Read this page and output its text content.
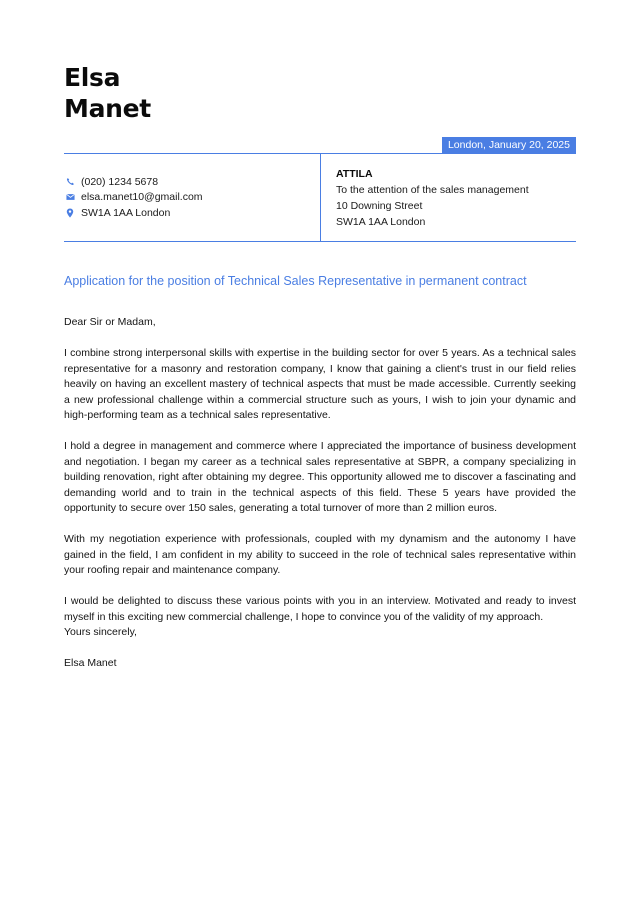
Elsa
Manet
London, January 20, 2025
(020) 1234 5678
elsa.manet10@gmail.com
SW1A 1AA London
ATTILA
To the attention of the sales management
10 Downing Street
SW1A 1AA London
Application for the position of Technical Sales Representative in permanent contract

Dear Sir or Madam,

I combine strong interpersonal skills with expertise in the building sector for over 5 years. As a technical sales representative for a masonry and restoration company, I know that gaining a client's trust in our field relies heavily on having an excellent mastery of technical aspects that must be made accessible. Currently seeking a new professional challenge within a commercial structure such as yours, I wish to join your dynamic and high-performing team as a technical sales representative.

I hold a degree in management and commerce where I appreciated the importance of business development and negotiation. I began my career as a technical sales representative at SBPR, a company specializing in building renovation, right after obtaining my degree. This opportunity allowed me to discover a fascinating and demanding world and to train in the technical aspects of this field. These 5 years have provided the opportunity to secure over 150 sales, generating a total turnover of more than 2 million euros.

With my negotiation experience with professionals, coupled with my dynamism and the autonomy I have gained in the field, I am confident in my ability to succeed in the role of technical sales representative within your roofing repair and maintenance company.

I would be delighted to discuss these various points with you in an interview. Motivated and ready to invest myself in this exciting new commercial challenge, I hope to convince you of the validity of my approach.

Yours sincerely,

Elsa Manet
